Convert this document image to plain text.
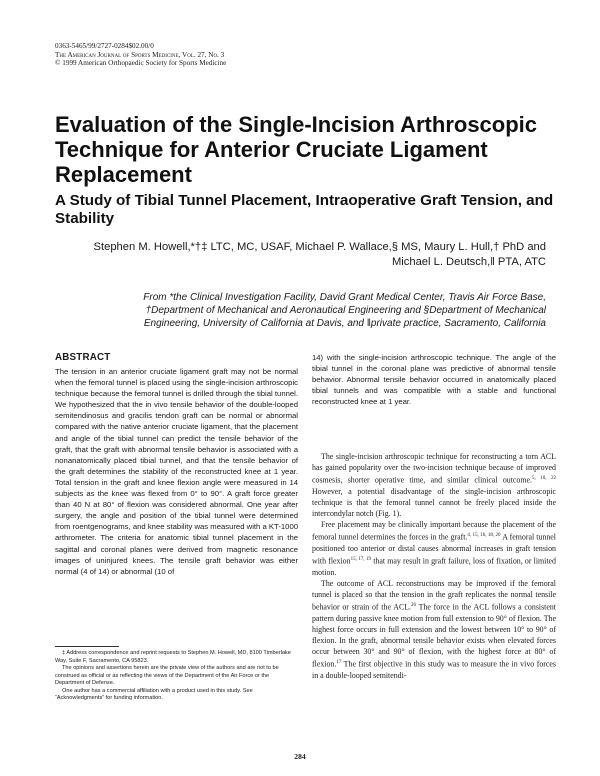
0363-5465/99/2727-0284$02.00/0
The American Journal of Sports Medicine, Vol. 27, No. 3
© 1999 American Orthopaedic Society for Sports Medicine
Evaluation of the Single-Incision Arthroscopic Technique for Anterior Cruciate Ligament Replacement
A Study of Tibial Tunnel Placement, Intraoperative Graft Tension, and Stability
Stephen M. Howell,*†‡ LTC, MC, USAF, Michael P. Wallace,§ MS, Maury L. Hull,† PhD and
Michael L. Deutsch,‖ PTA, ATC
From *the Clinical Investigation Facility, David Grant Medical Center, Travis Air Force Base,
†Department of Mechanical and Aeronautical Engineering and §Department of Mechanical
Engineering, University of California at Davis, and ‖private practice, Sacramento, California
ABSTRACT

The tension in an anterior cruciate ligament graft may not be normal when the femoral tunnel is placed using the single-incision arthroscopic technique because the femoral tunnel is drilled through the tibial tunnel. We hypothesized that the in vivo tensile behavior of the double-looped semitendinosus and gracilis tendon graft can be normal or abnormal compared with the native anterior cruciate ligament, that the placement and angle of the tibial tunnel can predict the tensile behavior of the graft, that the graft with abnormal tensile behavior is associated with a nonanatomically placed tibial tunnel, and that the tensile behavior of the graft determines the stability of the reconstructed knee at 1 year. Total tension in the graft and knee flexion angle were measured in 14 subjects as the knee was flexed from 0° to 90°. A graft force greater than 40 N at 80° of flexion was considered abnormal. One year after surgery, the angle and position of the tibial tunnel were determined from roentgenograms, and knee stability was measured with a KT-1000 arthrometer. The criteria for anatomic tibial tunnel placement in the sagittal and coronal planes were derived from magnetic resonance images of uninjured knees. The tensile graft behavior was either normal (4 of 14) or abnormal (10 of

‡ Address correspondence and reprint requests to Stephen M. Howell, MD, 8100 Timberlake Way, Suite F, Sacramento, CA 95823.

The opinions and assertions herein are the private view of the authors and are not to be construed as official or as reflecting the views of the Department of the Air Force or the Department of Defense.

One author has a commercial affiliation with a product used in this study. See “Acknowledgments” for funding information.

14) with the single-incision arthroscopic technique. The angle of the tibial tunnel in the coronal plane was predictive of abnormal tensile behavior. Abnormal tensile behavior occurred in anatomically placed tibial tunnels and was compatible with a stable and functional reconstructed knee at 1 year.

The single-incision arthroscopic technique for reconstructing a torn ACL has gained popularity over the two-incision technique because of improved cosmesis, shorter operative time, and similar clinical outcome.$^{5, 10, 22}$ However, a potential disadvantage of the single-incision arthroscopic technique is that the femoral tunnel cannot be freely placed inside the intercondylar notch (Fig. 1).

Free placement may be clinically important because the placement of the femoral tunnel determines the forces in the graft.$^{4, 15, 16, 18, 20}$ A femoral tunnel positioned too anterior or distal causes abnormal increases in graft tension with flexion$^{15, 17, 19}$ that may result in graft failure, loss of fixation, or limited motion.

The outcome of ACL reconstructions may be improved if the femoral tunnel is placed so that the tension in the graft replicates the normal tensile behavior or strain of the ACL.$^{26}$ The force in the ACL follows a consistent pattern during passive knee motion from full extension to 90° of flexion. The highest force occurs in full extension and the lowest between 10° to 90° of flexion. In the graft, abnormal tensile behavior exists when elevated forces occur between 30° and 90° of flexion, with the highest force at 80° of flexion.$^{17}$ The first objective in this study was to measure the in vivo forces in a double-looped semitendi-

284
